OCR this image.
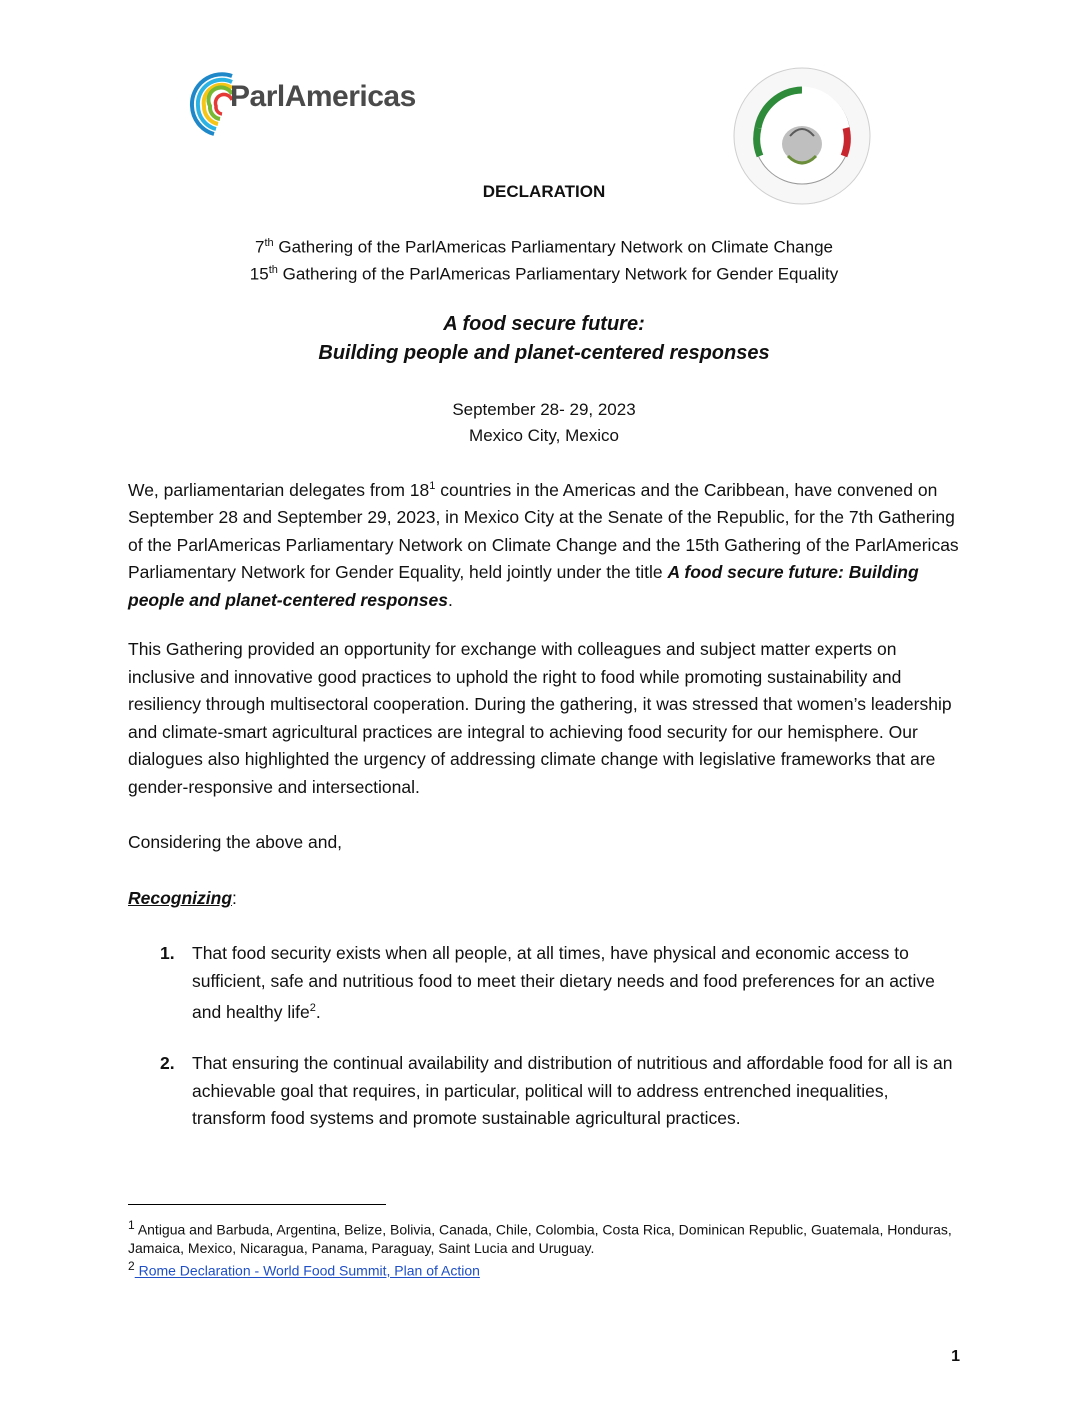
ParlAmericas
DECLARATION
7th Gathering of the ParlAmericas Parliamentary Network on Climate Change
15th Gathering of the ParlAmericas Parliamentary Network for Gender Equality
A food secure future:
Building people and planet-centered responses
September 28- 29, 2023
Mexico City, Mexico
We, parliamentarian delegates from $18^1$ countries in the Americas and the Caribbean, have convened on September 28 and September 29, 2023, in Mexico City at the Senate of the Republic, for the 7th Gathering of the ParlAmericas Parliamentary Network on Climate Change and the 15th Gathering of the ParlAmericas Parliamentary Network for Gender Equality, held jointly under the title A food secure future: Building people and planet-centered responses.
This Gathering provided an opportunity for exchange with colleagues and subject matter experts on inclusive and innovative good practices to uphold the right to food while promoting sustainability and resiliency through multisectoral cooperation. During the gathering, it was stressed that women’s leadership and climate-smart agricultural practices are integral to achieving food security for our hemisphere. Our dialogues also highlighted the urgency of addressing climate change with legislative frameworks that are gender-responsive and intersectional.
Considering the above and,
Recognizing:
1. That food security exists when all people, at all times, have physical and economic access to sufficient, safe and nutritious food to meet their dietary needs and food preferences for an active and healthy life$^2$.
2. That ensuring the continual availability and distribution of nutritious and affordable food for all is an achievable goal that requires, in particular, political will to address entrenched inequalities, transform food systems and promote sustainable agricultural practices.
$^1$ Antigua and Barbuda, Argentina, Belize, Bolivia, Canada, Chile, Colombia, Costa Rica, Dominican Republic, Guatemala, Honduras, Jamaica, Mexico, Nicaragua, Panama, Paraguay, Saint Lucia and Uruguay.
$^2$ Rome Declaration - World Food Summit, Plan of Action
1
